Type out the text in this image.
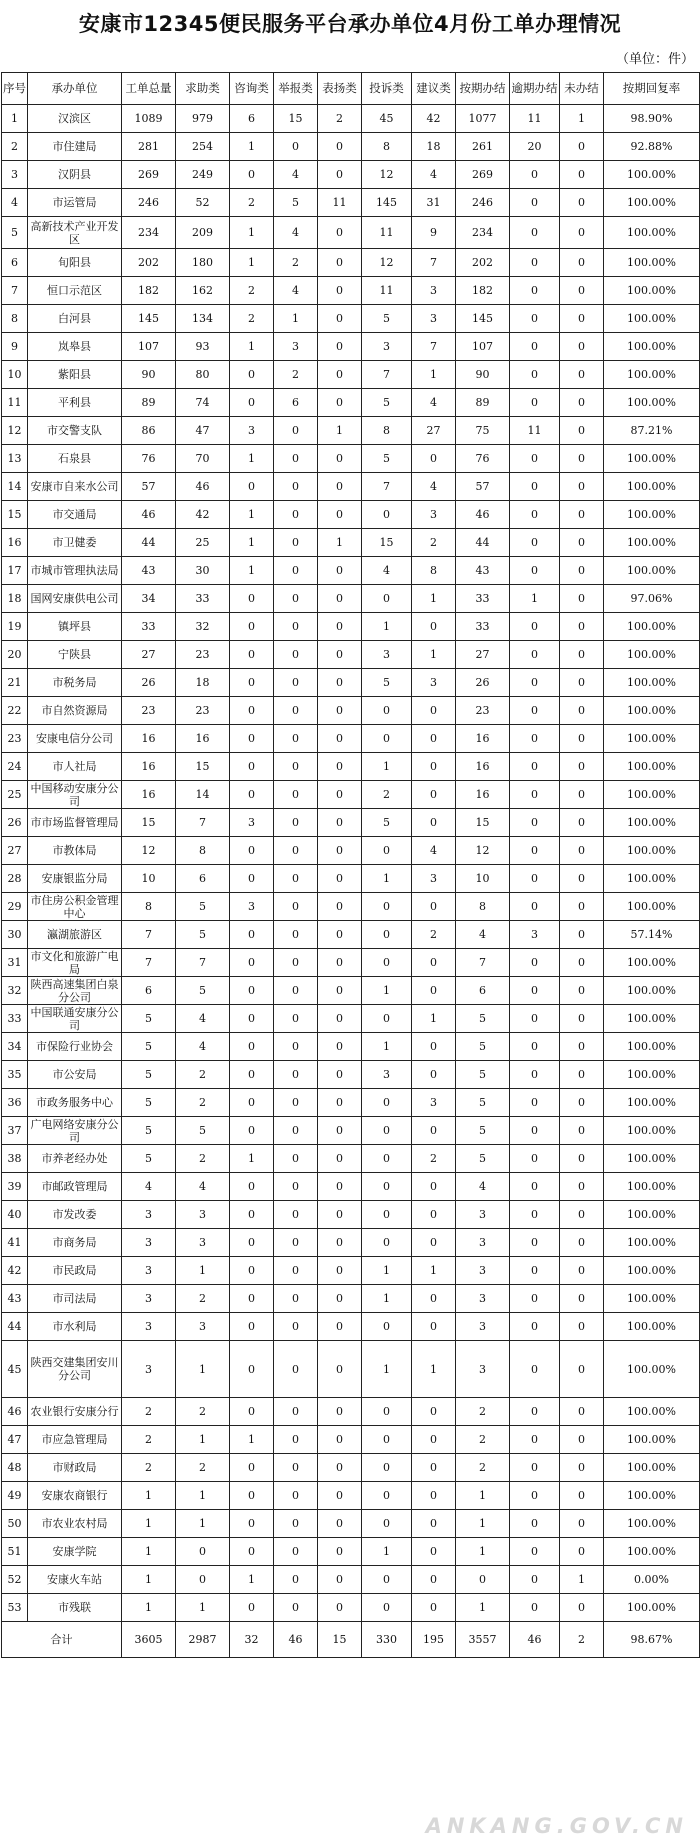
安康市12345便民服务平台承办单位4月份工单办理情况
（单位：件）
序号	承办单位	工单总量	求助类	咨询类	举报类	表扬类	投诉类	建议类	按期办结	逾期办结	未办结	按期回复率
1	汉滨区	1089	979	6	15	2	45	42	1077	11	1	98.90%
2	市住建局	281	254	1	0	0	8	18	261	20	0	92.88%
3	汉阴县	269	249	0	4	0	12	4	269	0	0	100.00%
4	市运管局	246	52	2	5	11	145	31	246	0	0	100.00%
5	高新技术产业开发区	234	209	1	4	0	11	9	234	0	0	100.00%
6	旬阳县	202	180	1	2	0	12	7	202	0	0	100.00%
7	恒口示范区	182	162	2	4	0	11	3	182	0	0	100.00%
8	白河县	145	134	2	1	0	5	3	145	0	0	100.00%
9	岚皋县	107	93	1	3	0	3	7	107	0	0	100.00%
10	紫阳县	90	80	0	2	0	7	1	90	0	0	100.00%
11	平利县	89	74	0	6	0	5	4	89	0	0	100.00%
12	市交警支队	86	47	3	0	1	8	27	75	11	0	87.21%
13	石泉县	76	70	1	0	0	5	0	76	0	0	100.00%
14	安康市自来水公司	57	46	0	0	0	7	4	57	0	0	100.00%
15	市交通局	46	42	1	0	0	0	3	46	0	0	100.00%
16	市卫健委	44	25	1	0	1	15	2	44	0	0	100.00%
17	市城市管理执法局	43	30	1	0	0	4	8	43	0	0	100.00%
18	国网安康供电公司	34	33	0	0	0	0	1	33	1	0	97.06%
19	镇坪县	33	32	0	0	0	1	0	33	0	0	100.00%
20	宁陕县	27	23	0	0	0	3	1	27	0	0	100.00%
21	市税务局	26	18	0	0	0	5	3	26	0	0	100.00%
22	市自然资源局	23	23	0	0	0	0	0	23	0	0	100.00%
23	安康电信分公司	16	16	0	0	0	0	0	16	0	0	100.00%
24	市人社局	16	15	0	0	0	1	0	16	0	0	100.00%
25	中国移动安康分公司	16	14	0	0	0	2	0	16	0	0	100.00%
26	市市场监督管理局	15	7	3	0	0	5	0	15	0	0	100.00%
27	市教体局	12	8	0	0	0	0	4	12	0	0	100.00%
28	安康银监分局	10	6	0	0	0	1	3	10	0	0	100.00%
29	市住房公积金管理中心	8	5	3	0	0	0	0	8	0	0	100.00%
30	瀛湖旅游区	7	5	0	0	0	0	2	4	3	0	57.14%
31	市文化和旅游广电局	7	7	0	0	0	0	0	7	0	0	100.00%
32	陕西高速集团白泉分公司	6	5	0	0	0	1	0	6	0	0	100.00%
33	中国联通安康分公司	5	4	0	0	0	0	1	5	0	0	100.00%
34	市保险行业协会	5	4	0	0	0	1	0	5	0	0	100.00%
35	市公安局	5	2	0	0	0	3	0	5	0	0	100.00%
36	市政务服务中心	5	2	0	0	0	0	3	5	0	0	100.00%
37	广电网络安康分公司	5	5	0	0	0	0	0	5	0	0	100.00%
38	市养老经办处	5	2	1	0	0	0	2	5	0	0	100.00%
39	市邮政管理局	4	4	0	0	0	0	0	4	0	0	100.00%
40	市发改委	3	3	0	0	0	0	0	3	0	0	100.00%
41	市商务局	3	3	0	0	0	0	0	3	0	0	100.00%
42	市民政局	3	1	0	0	0	1	1	3	0	0	100.00%
43	市司法局	3	2	0	0	0	1	0	3	0	0	100.00%
44	市水利局	3	3	0	0	0	0	0	3	0	0	100.00%
45	陕西交建集团安川分公司	3	1	0	0	0	1	1	3	0	0	100.00%
46	农业银行安康分行	2	2	0	0	0	0	0	2	0	0	100.00%
47	市应急管理局	2	1	1	0	0	0	0	2	0	0	100.00%
48	市财政局	2	2	0	0	0	0	0	2	0	0	100.00%
49	安康农商银行	1	1	0	0	0	0	0	1	0	0	100.00%
50	市农业农村局	1	1	0	0	0	0	0	1	0	0	100.00%
51	安康学院	1	0	0	0	0	1	0	1	0	0	100.00%
52	安康火车站	1	0	1	0	0	0	0	0	0	1	0.00%
53	市残联	1	1	0	0	0	0	0	1	0	0	100.00%
合计		3605	2987	32	46	15	330	195	3557	46	2	98.67%
ANKANG.GOV.CN
